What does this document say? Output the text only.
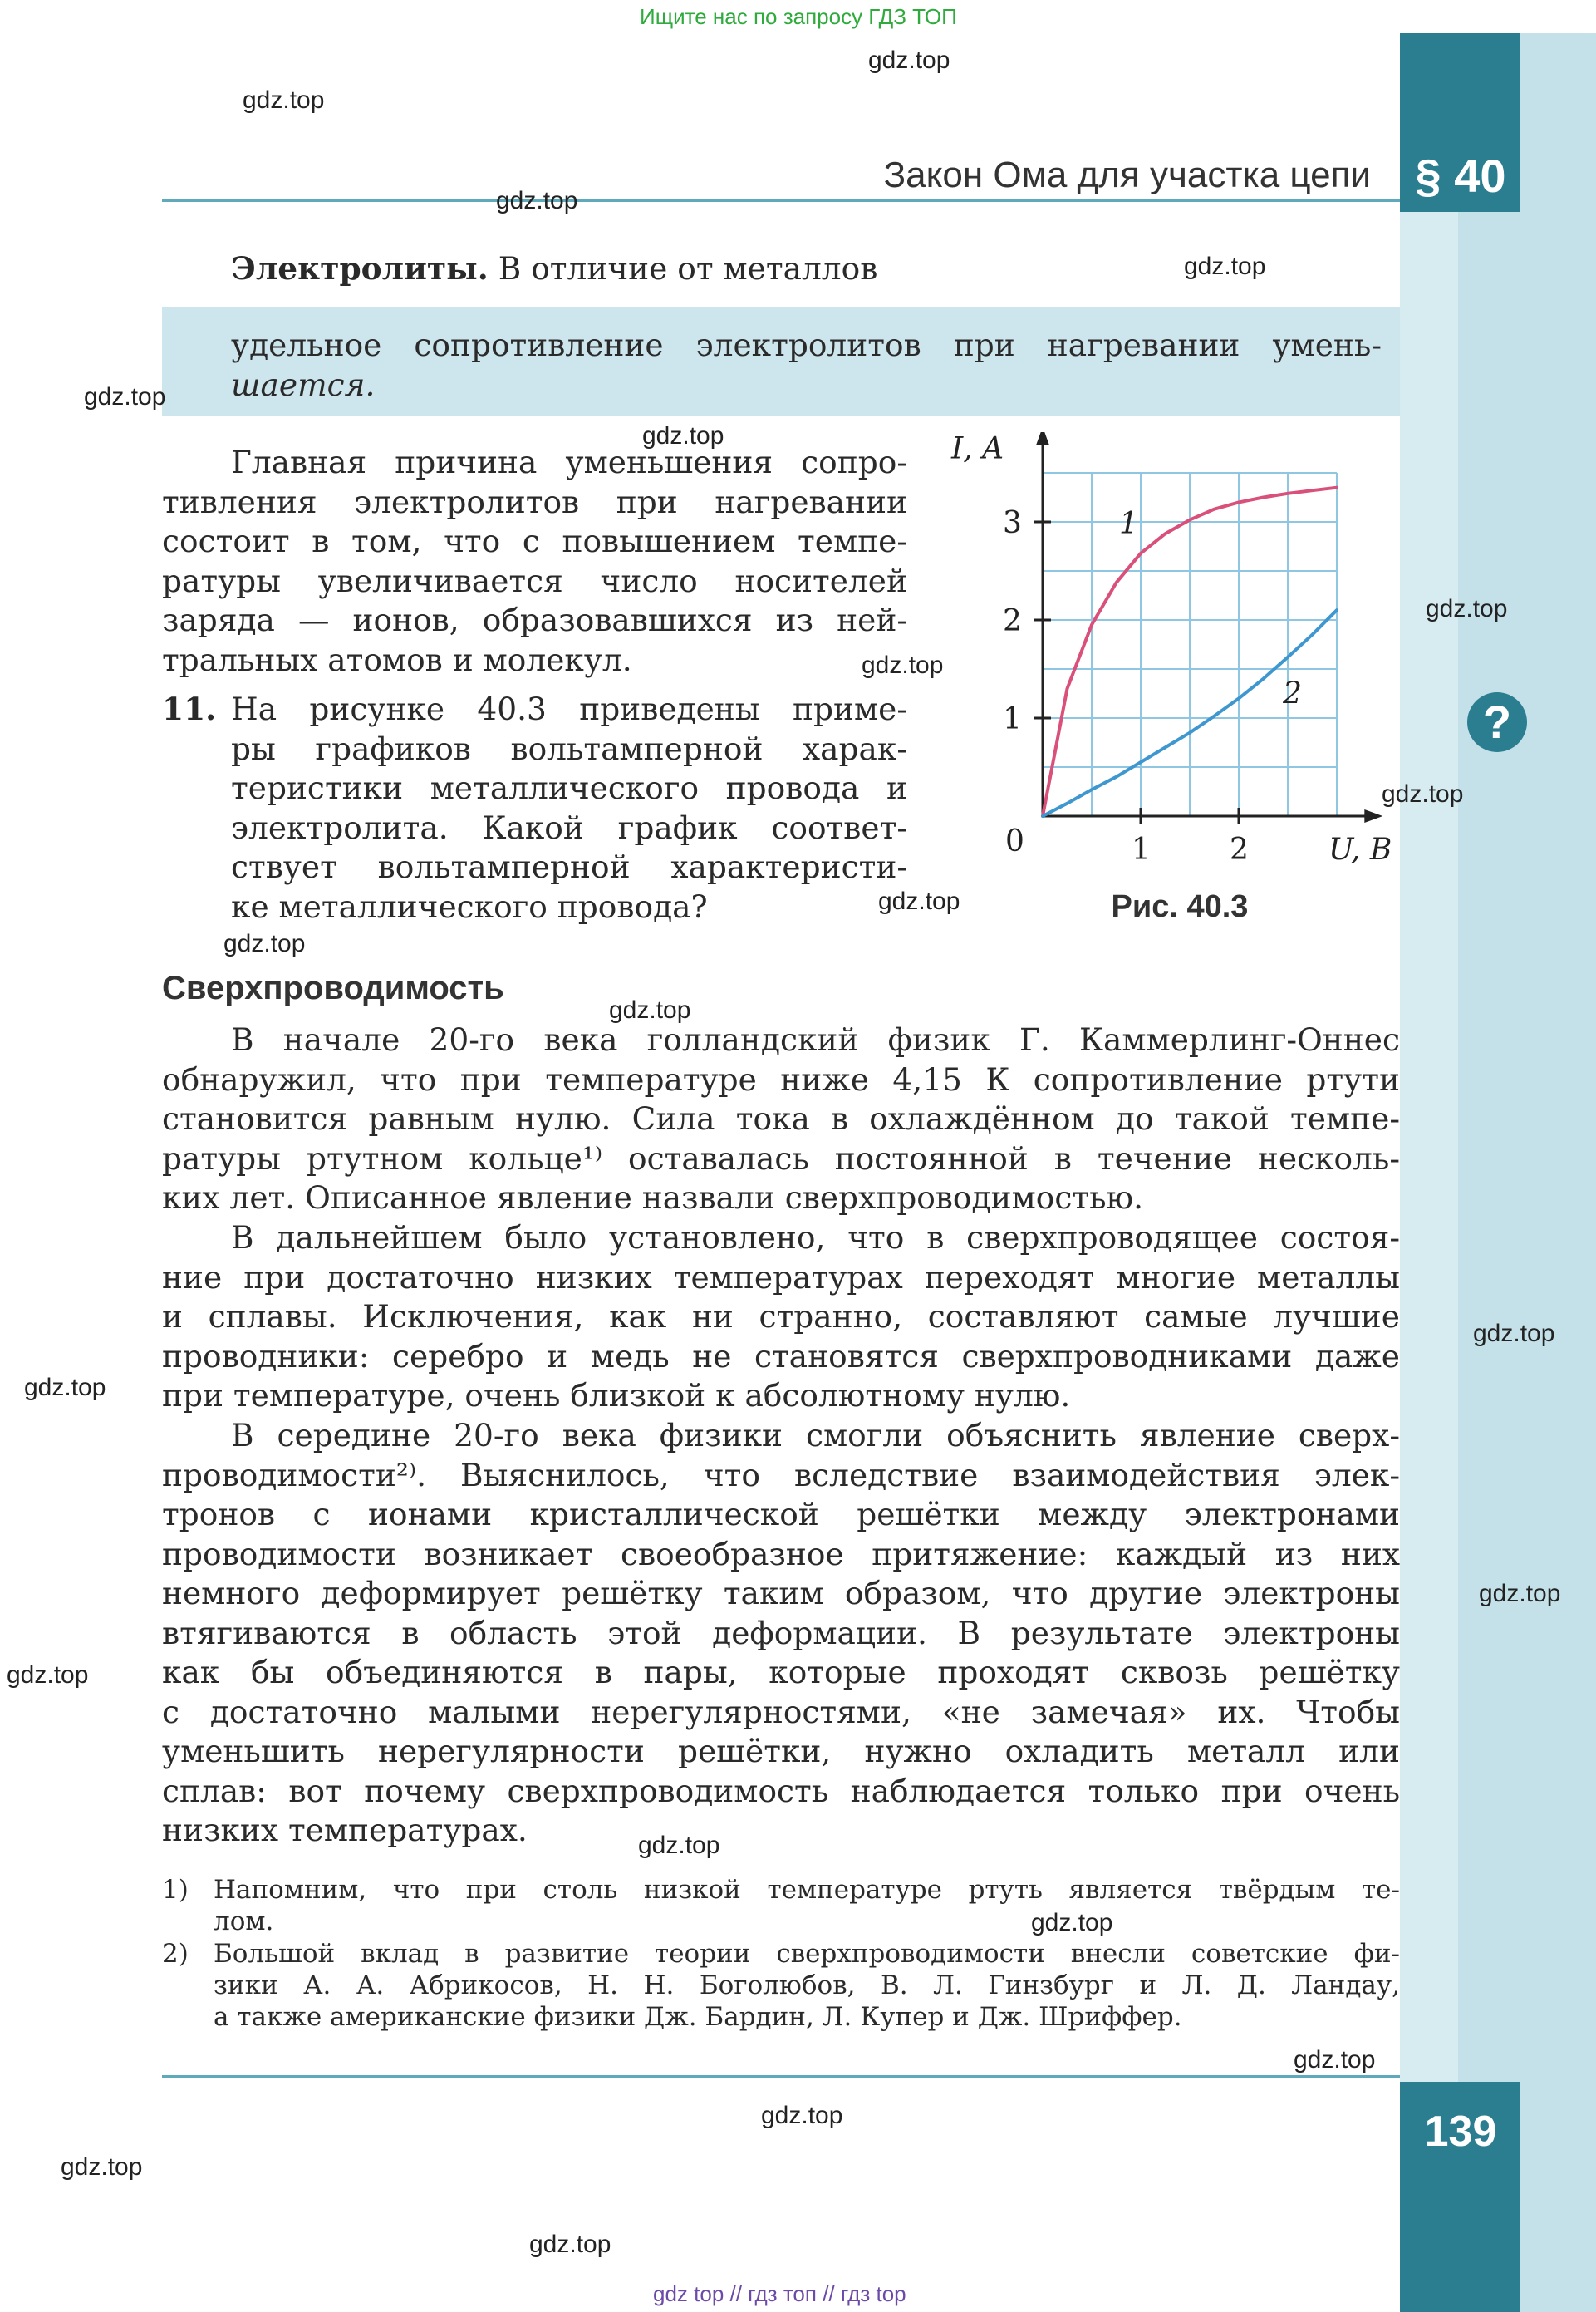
§ 40
139
?
Ищите нас по запросу ГДЗ ТОП
Закон Ома для участка цепи
Электролиты. В отличие от металлов
удельное сопротивление электролитов при нагревании умень-
шается.
Главная причина уменьшения сопро-
тивления электролитов при нагревании
состоит в том, что с повышением темпе-
ратуры увеличивается число носителей
заряда — ионов, образовавшихся из ней-
тральных атомов и молекул.
11. На рисунке 40.3 приведены приме-
ры графиков вольтамперной харак-
теристики металлического провода и
электролита. Какой график соответ-
ствует вольтамперной характеристи-
ке металлического провода?
0	1	2
1
2
3
U, B
I, A
1
2
Рис. 40.3
Сверхпроводимость
В начале 20-го века голландский физик Г. Каммерлинг-Оннес
обнаружил, что при температуре ниже 4,15 К сопротивление ртути
становится равным нулю. Сила тока в охлаждённом до такой темпе-
ратуры ртутном кольце¹⁾ оставалась постоянной в течение несколь-
ких лет. Описанное явление назвали сверхпроводимостью.
В дальнейшем было установлено, что в сверхпроводящее состоя-
ние при достаточно низких температурах переходят многие металлы
и сплавы. Исключения, как ни странно, составляют самые лучшие
проводники: серебро и медь не становятся сверхпроводниками даже
при температуре, очень близкой к абсолютному нулю.
В середине 20-го века физики смогли объяснить явление сверх-
проводимости²⁾. Выяснилось, что вследствие взаимодействия элек-
тронов с ионами кристаллической решётки между электронами
проводимости возникает своеобразное притяжение: каждый из них
немного деформирует решётку таким образом, что другие электроны
втягиваются в область этой деформации. В результате электроны
как бы объединяются в пары, которые проходят сквозь решётку
с достаточно малыми нерегулярностями, «не замечая» их. Чтобы
уменьшить нерегулярности решётки, нужно охладить металл или
сплав: вот почему сверхпроводимость наблюдается только при очень
низких температурах.
1) Напомним, что при столь низкой температуре ртуть является твёрдым те-
лом.
2) Большой вклад в развитие теории сверхпроводимости внесли советские фи-
зики А. А. Абрикосов, Н. Н. Боголюбов, В. Л. Гинзбург и Л. Д. Ландау,
а также американские физики Дж. Бардин, Л. Купер и Дж. Шриффер.
gdz.top
gdz.top
gdz.top
gdz.top
gdz.top
gdz.top
gdz.top
gdz.top
gdz.top
gdz.top
gdz.top
gdz.top
gdz.top
gdz.top
gdz.top
gdz.top
gdz.top
gdz.top
gdz.top
gdz.top
gdz.top
gdz.top
gdz top // гдз топ // гдз top
